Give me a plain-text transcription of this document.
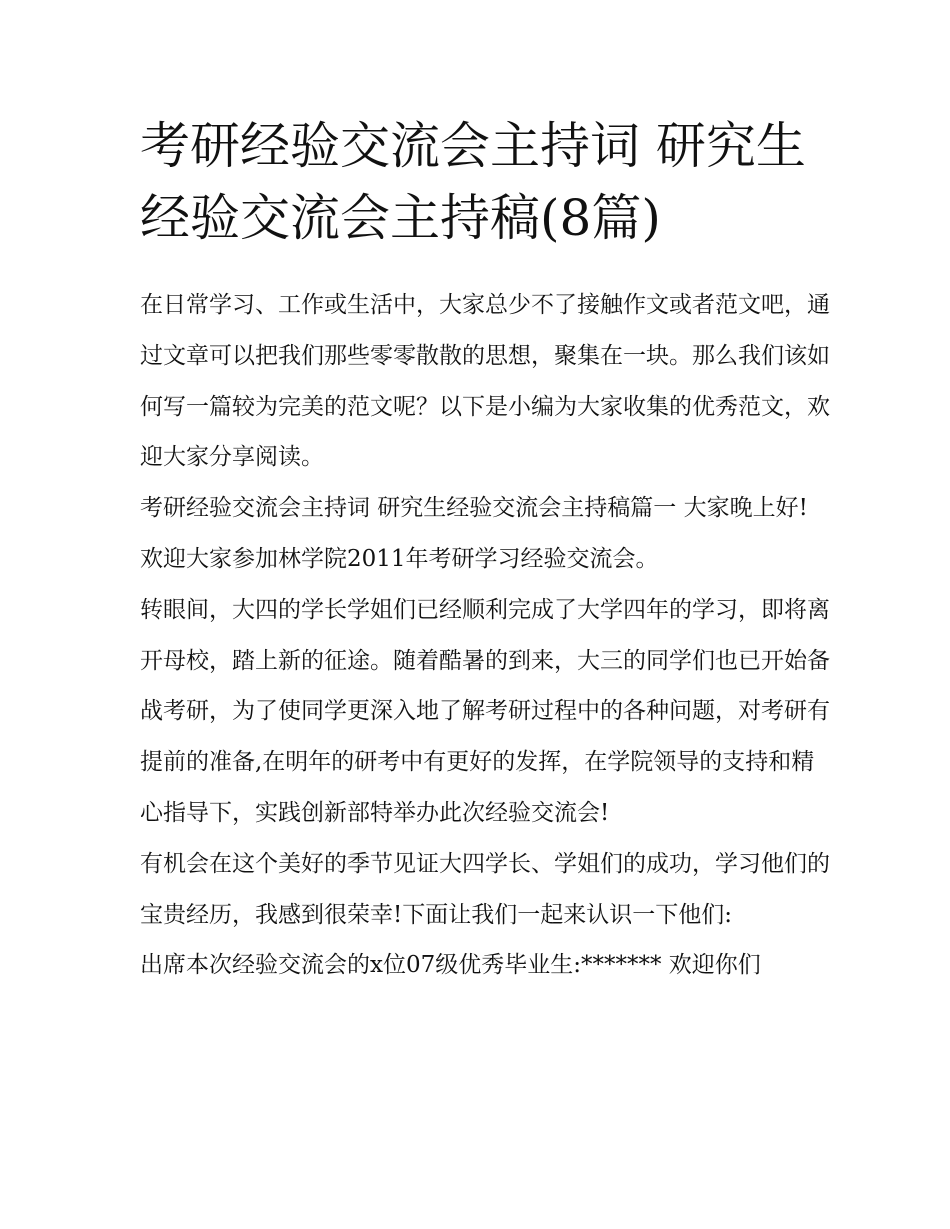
考研经验交流会主持词 研究生经验交流会主持稿(8篇)

在日常学习、工作或生活中，大家总少不了接触作文或者范文吧，通过文章可以把我们那些零零散散的思想，聚集在一块。那么我们该如何写一篇较为完美的范文呢？以下是小编为大家收集的优秀范文，欢迎大家分享阅读。

考研经验交流会主持词 研究生经验交流会主持稿篇一 大家晚上好!欢迎大家参加林学院2011年考研学习经验交流会。

转眼间，大四的学长学姐们已经顺利完成了大学四年的学习，即将离开母校，踏上新的征途。随着酷暑的到来，大三的同学们也已开始备战考研，为了使同学更深入地了解考研过程中的各种问题，对考研有提前的准备,在明年的研考中有更好的发挥，在学院领导的支持和精心指导下，实践创新部特举办此次经验交流会!

有机会在这个美好的季节见证大四学长、学姐们的成功，学习他们的宝贵经历，我感到很荣幸!下面让我们一起来认识一下他们:

出席本次经验交流会的x位07级优秀毕业生:******* 欢迎你们
